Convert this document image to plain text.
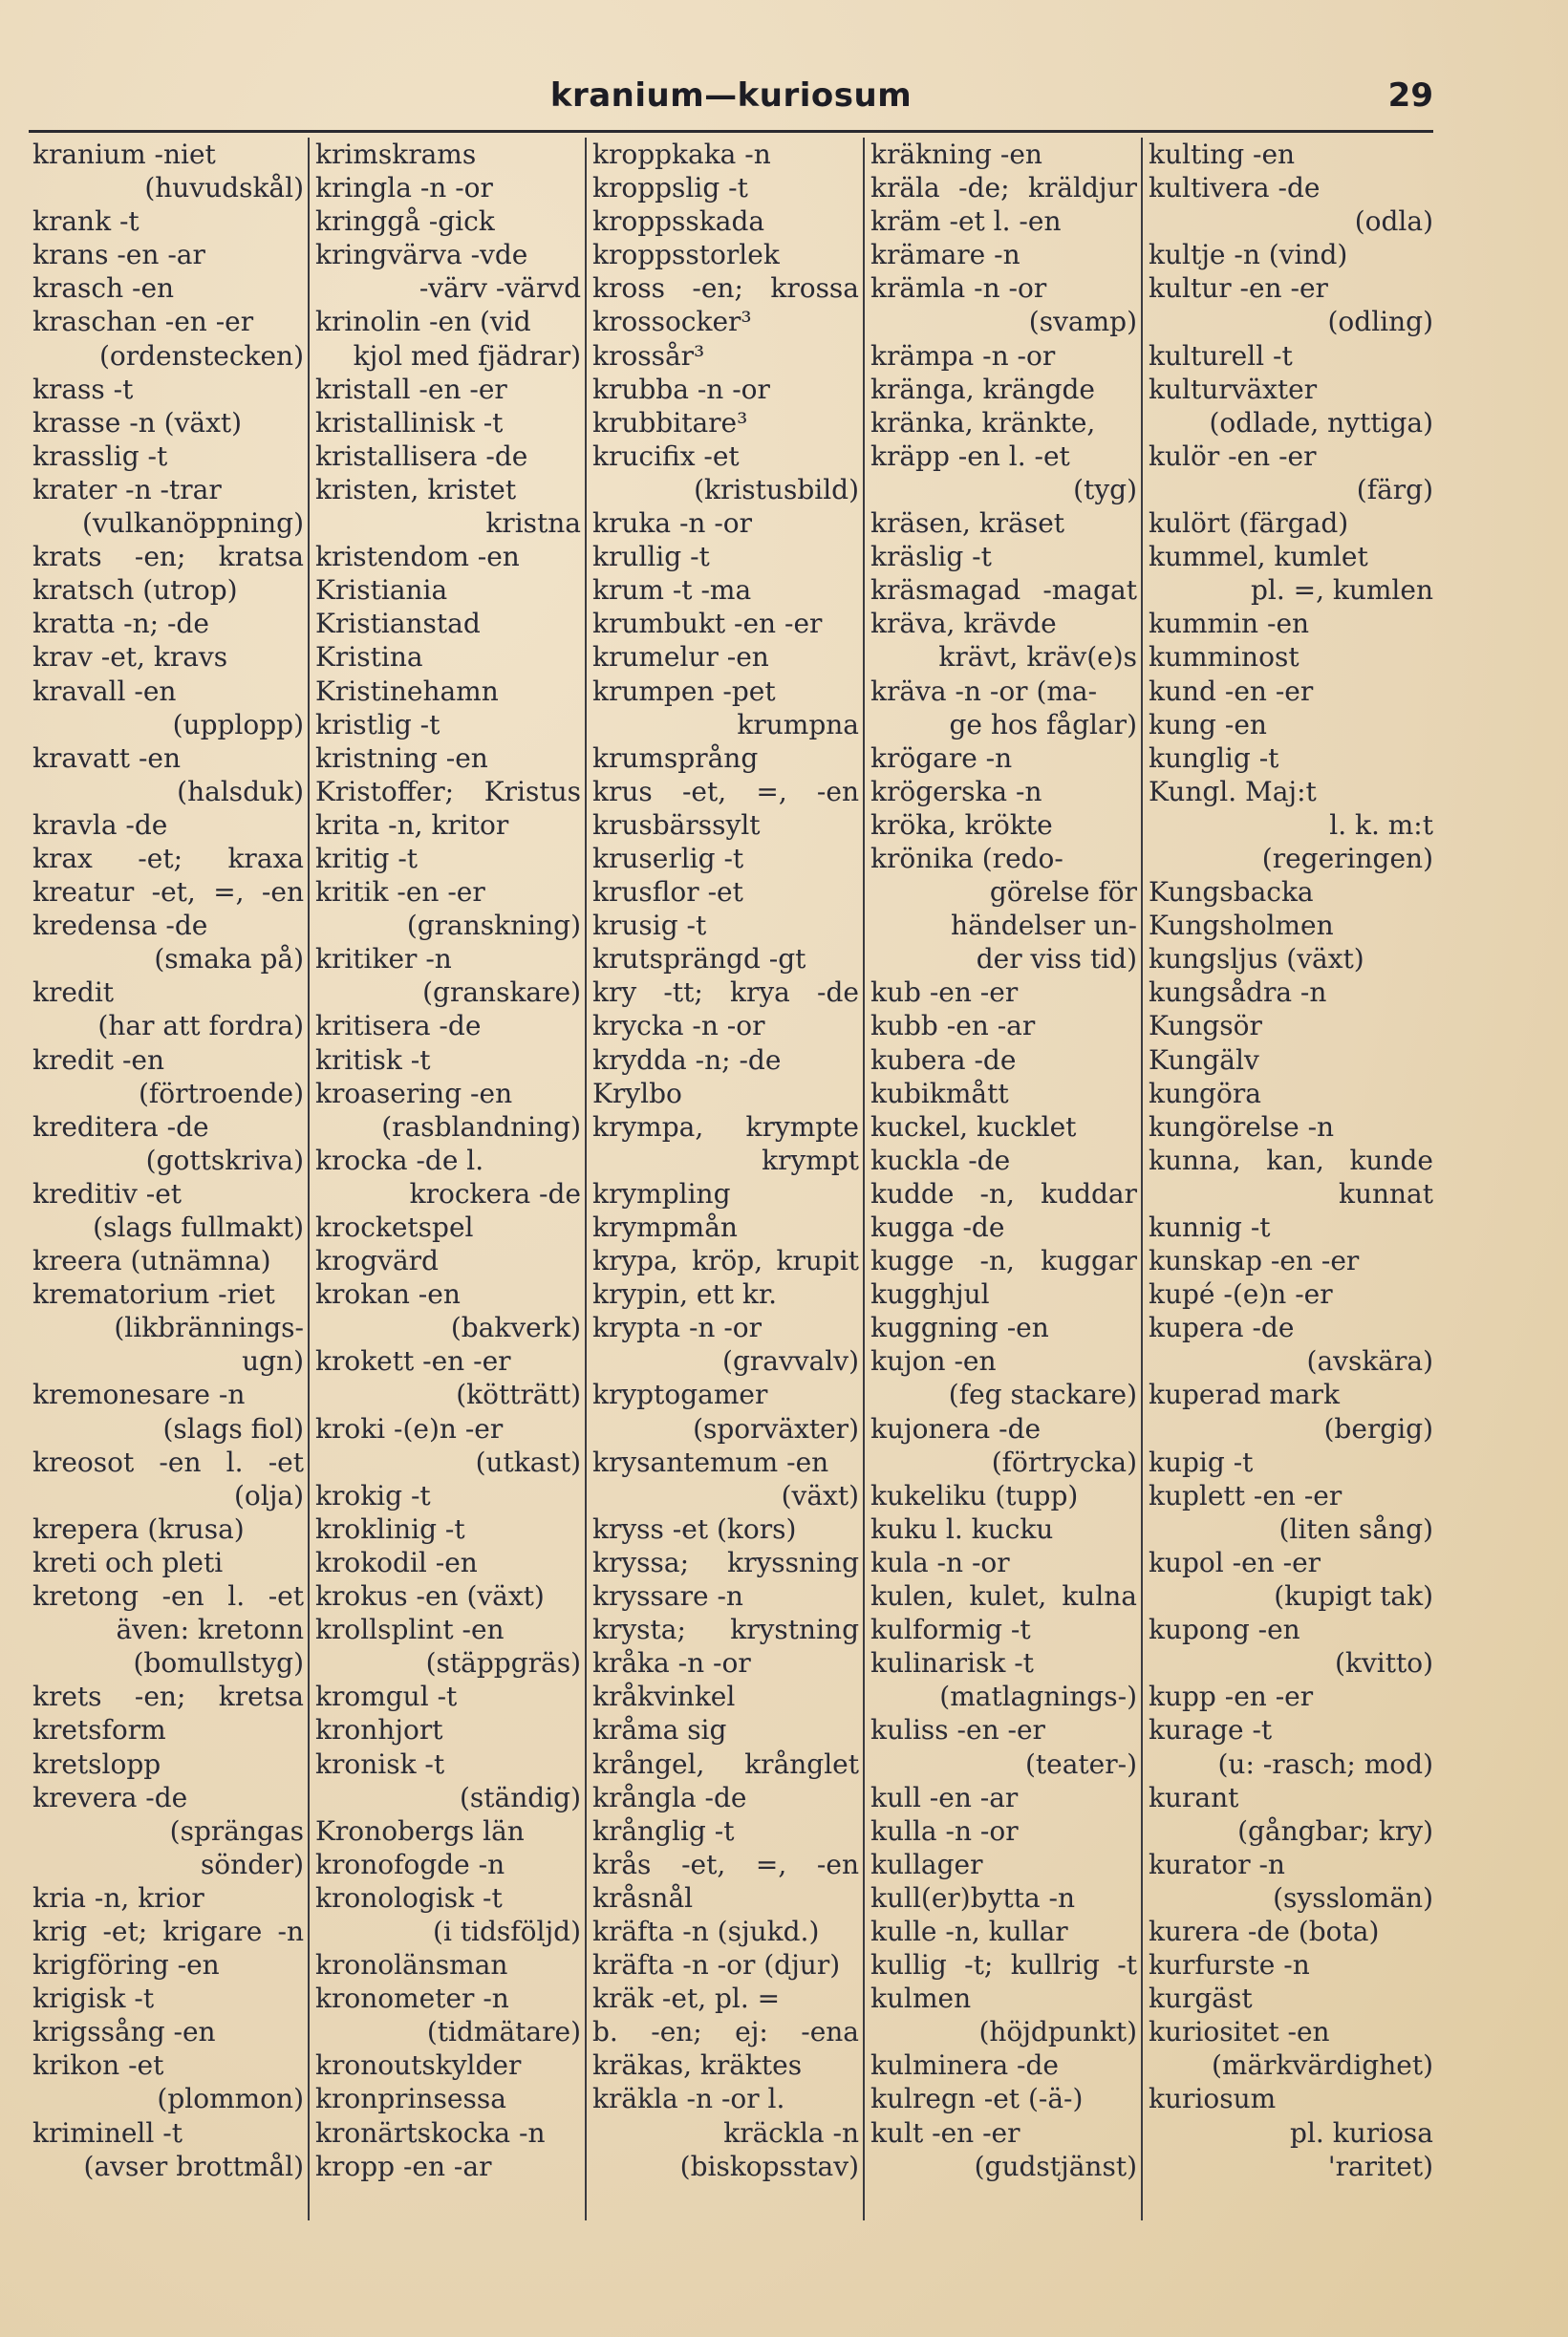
kranium—kuriosum	29
kranium -niet
(huvudskål)
krank -t
krans -en -ar
krasch -en
kraschan -en -er
(ordenstecken)
krass -t
krasse -n (växt)
krasslig -t
krater -n -trar
(vulkanöppning)
krats -en; kratsa
kratsch (utrop)
kratta -n; -de
krav -et, kravs
kravall -en
(upplopp)
kravatt -en
(halsduk)
kravla -de
krax -et; kraxa
kreatur -et, =, -en
kredensa -de
(smaka på)
kredit
(har att fordra)
kredit -en
(förtroende)
kreditera -de
(gottskriva)
kreditiv -et
(slags fullmakt)
kreera (utnämna)
krematorium -riet
(likbrännings-
ugn)
kremonesare -n
(slags fiol)
kreosot -en l. -et
(olja)
krepera (krusa)
kreti och pleti
kretong -en l. -et
även: kretonn
(bomullstyg)
krets -en; kretsa
kretsform
kretslopp
krevera -de
(sprängas
sönder)
kria -n, krior
krig -et; krigare -n
krigföring -en
krigisk -t
krigssång -en
krikon -et
(plommon)
kriminell -t
(avser brottmål)
krimskrams
kringla -n -or
kringgå -gick
kringvärva -vde
-värv -värvd
krinolin -en (vid
kjol med fjädrar)
kristall -en -er
kristallinisk -t
kristallisera -de
kristen, kristet
kristna
kristendom -en
Kristiania
Kristianstad
Kristina
Kristinehamn
kristlig -t
kristning -en
Kristoffer; Kristus
krita -n, kritor
kritig -t
kritik -en -er
(granskning)
kritiker -n
(granskare)
kritisera -de
kritisk -t
kroasering -en
(rasblandning)
krocka -de l.
krockera -de
krocketspel
krogvärd
krokan -en
(bakverk)
krokett -en -er
(kötträtt)
kroki -(e)n -er
(utkast)
krokig -t
kroklinig -t
krokodil -en
krokus -en (växt)
krollsplint -en
(stäppgräs)
kromgul -t
kronhjort
kronisk -t
(ständig)
Kronobergs län
kronofogde -n
kronologisk -t
(i tidsföljd)
kronolänsman
kronometer -n
(tidmätare)
kronoutskylder
kronprinsessa
kronärtskocka -n
kropp -en -ar
kroppkaka -n
kroppslig -t
kroppsskada
kroppsstorlek
kross -en; krossa
krossocker³
krossår³
krubba -n -or
krubbitare³
krucifix -et
(kristusbild)
kruka -n -or
krullig -t
krum -t -ma
krumbukt -en -er
krumelur -en
krumpen -pet
krumpna
krumsprång
krus -et, =, -en
krusbärssylt
kruserlig -t
krusflor -et
krusig -t
krutsprängd -gt
kry -tt; krya -de
krycka -n -or
krydda -n; -de
Krylbo
krympa, krympte
krympt
krympling
krympmån
krypa, kröp, krupit
krypin, ett kr.
krypta -n -or
(gravvalv)
kryptogamer
(sporväxter)
krysantemum -en
(växt)
kryss -et (kors)
kryssa; kryssning
kryssare -n
krysta; krystning
kråka -n -or
kråkvinkel
kråma sig
krångel, krånglet
krångla -de
krånglig -t
krås -et, =, -en
kråsnål
kräfta -n (sjukd.)
kräfta -n -or (djur)
kräk -et, pl. =
b. -en; ej: -ena
kräkas, kräktes
kräkla -n -or l.
kräckla -n
(biskopsstav)
kräkning -en
kräla -de; kräldjur
kräm -et l. -en
krämare -n
krämla -n -or
(svamp)
krämpa -n -or
kränga, krängde
kränka, kränkte,
kräpp -en l. -et
(tyg)
kräsen, kräset
kräslig -t
kräsmagad -magat
kräva, krävde
krävt, kräv(e)s
kräva -n -or (ma-
ge hos fåglar)
krögare -n
krögerska -n
kröka, krökte
krönika (redo-
görelse för
händelser un-
der viss tid)
kub -en -er
kubb -en -ar
kubera -de
kubikmått
kuckel, kucklet
kuckla -de
kudde -n, kuddar
kugga -de
kugge -n, kuggar
kugghjul
kuggning -en
kujon -en
(feg stackare)
kujonera -de
(förtrycka)
kukeliku (tupp)
kuku l. kucku
kula -n -or
kulen, kulet, kulna
kulformig -t
kulinarisk -t
(matlagnings-)
kuliss -en -er
(teater-)
kull -en -ar
kulla -n -or
kullager
kull(er)bytta -n
kulle -n, kullar
kullig -t; kullrig -t
kulmen
(höjdpunkt)
kulminera -de
kulregn -et (-ä-)
kult -en -er
(gudstjänst)
kulting -en
kultivera -de
(odla)
kultje -n (vind)
kultur -en -er
(odling)
kulturell -t
kulturväxter
(odlade, nyttiga)
kulör -en -er
(färg)
kulört (färgad)
kummel, kumlet
pl. =, kumlen
kummin -en
kumminost
kund -en -er
kung -en
kunglig -t
Kungl. Maj:t
l. k. m:t
(regeringen)
Kungsbacka
Kungsholmen
kungsljus (växt)
kungsådra -n
Kungsör
Kungälv
kungöra
kungörelse -n
kunna, kan, kunde
kunnat
kunnig -t
kunskap -en -er
kupé -(e)n -er
kupera -de
(avskära)
kuperad mark
(bergig)
kupig -t
kuplett -en -er
(liten sång)
kupol -en -er
(kupigt tak)
kupong -en
(kvitto)
kupp -en -er
kurage -t
(u: -rasch; mod)
kurant
(gångbar; kry)
kurator -n
(sysslomän)
kurera -de (bota)
kurfurste -n
kurgäst
kuriositet -en
(märkvärdighet)
kuriosum
pl. kuriosa
'raritet)
